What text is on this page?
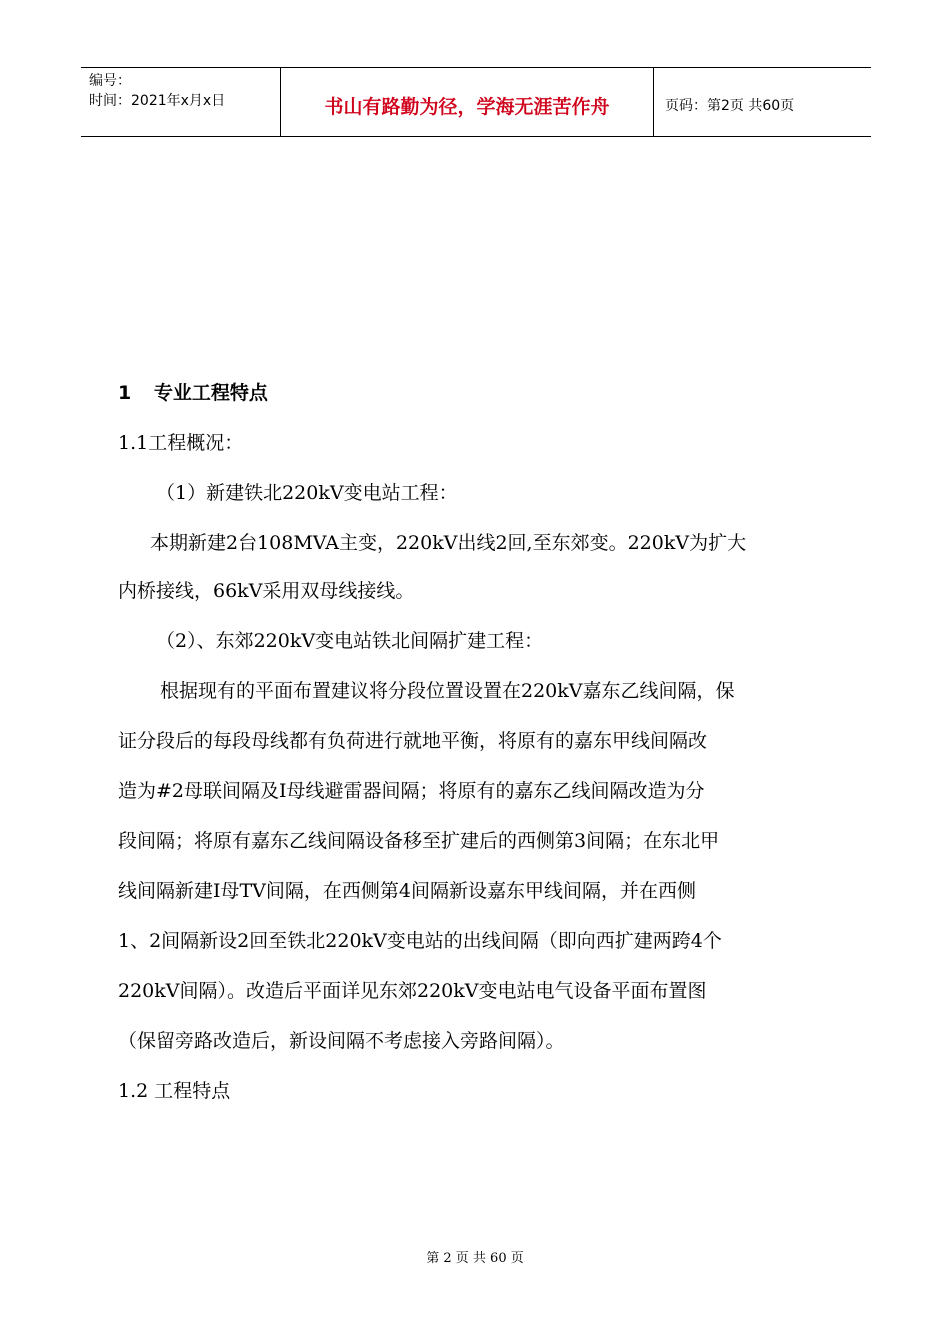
编号：
时间：2021年x月x日	书山有路勤为径，学海无涯苦作舟	页码：第2页 共60页
1 专业工程特点
1.1工程概况：
（1）新建铁北220kV变电站工程：
本期新建2台108MVA主变，220kV出线2回,至东郊变。220kV为扩大
内桥接线，66kV采用双母线接线。
（2）、东郊220kV变电站铁北间隔扩建工程：
根据现有的平面布置建议将分段位置设置在220kV嘉东乙线间隔，保
证分段后的每段母线都有负荷进行就地平衡，将原有的嘉东甲线间隔改
造为#2母联间隔及Ⅰ母线避雷器间隔；将原有的嘉东乙线间隔改造为分
段间隔；将原有嘉东乙线间隔设备移至扩建后的西侧第3间隔；在东北甲
线间隔新建Ⅰ母TV间隔，在西侧第4间隔新设嘉东甲线间隔，并在西侧
1、2间隔新设2回至铁北220kV变电站的出线间隔（即向西扩建两跨4个
220kV间隔）。改造后平面详见东郊220kV变电站电气设备平面布置图
（保留旁路改造后，新设间隔不考虑接入旁路间隔）。
1.2 工程特点
第 2 页 共 60 页
